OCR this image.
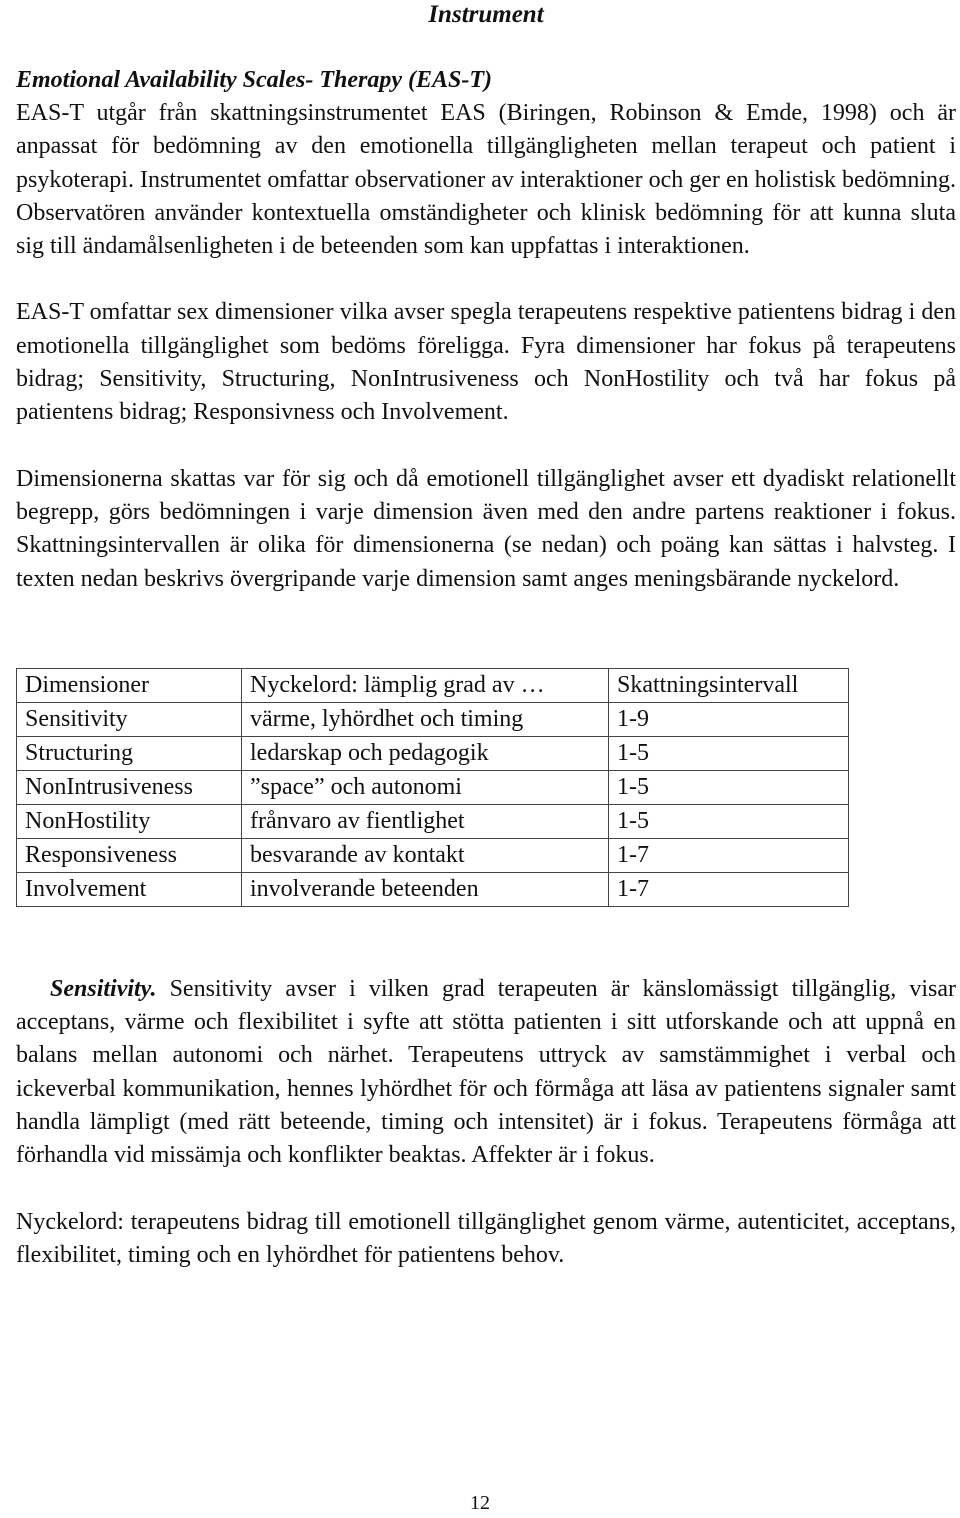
Instrument
Emotional Availability Scales- Therapy (EAS-T)

EAS-T utgår från skattningsinstrumentet EAS (Biringen, Robinson & Emde, 1998) och är anpassat för bedömning av den emotionella tillgängligheten mellan terapeut och patient i psykoterapi. Instrumentet omfattar observationer av interaktioner och ger en holistisk bedömning. Observatören använder kontextuella omständigheter och klinisk bedömning för att kunna sluta sig till ändamålsenligheten i de beteenden som kan uppfattas i interaktionen.

EAS-T omfattar sex dimensioner vilka avser spegla terapeutens respektive patientens bidrag i den emotionella tillgänglighet som bedöms föreligga. Fyra dimensioner har fokus på terapeutens bidrag; Sensitivity, Structuring, NonIntrusiveness och NonHostility och två har fokus på patientens bidrag; Responsivness och Involvement.

Dimensionerna skattas var för sig och då emotionell tillgänglighet avser ett dyadiskt relationellt begrepp, görs bedömningen i varje dimension även med den andre partens reaktioner i fokus. Skattningsintervallen är olika för dimensionerna (se nedan) och poäng kan sättas i halvsteg. I texten nedan beskrivs övergripande varje dimension samt anges meningsbärande nyckelord.

Dimensioner	Nyckelord: lämplig grad av …	Skattningsintervall
Sensitivity	värme, lyhördhet och timing	1-9
Structuring	ledarskap och pedagogik	1-5
NonIntrusiveness	”space” och autonomi	1-5
NonHostility	frånvaro av fientlighet	1-5
Responsiveness	besvarande av kontakt	1-7
Involvement	involverande beteenden	1-7

Sensitivity. Sensitivity avser i vilken grad terapeuten är känslomässigt tillgänglig, visar acceptans, värme och flexibilitet i syfte att stötta patienten i sitt utforskande och att uppnå en balans mellan autonomi och närhet. Terapeutens uttryck av samstämmighet i verbal och ickeverbal kommunikation, hennes lyhördhet för och förmåga att läsa av patientens signaler samt handla lämpligt (med rätt beteende, timing och intensitet) är i fokus. Terapeutens förmåga att förhandla vid missämja och konflikter beaktas. Affekter är i fokus.

Nyckelord: terapeutens bidrag till emotionell tillgänglighet genom värme, autenticitet, acceptans, flexibilitet, timing och en lyhördhet för patientens behov.

12
